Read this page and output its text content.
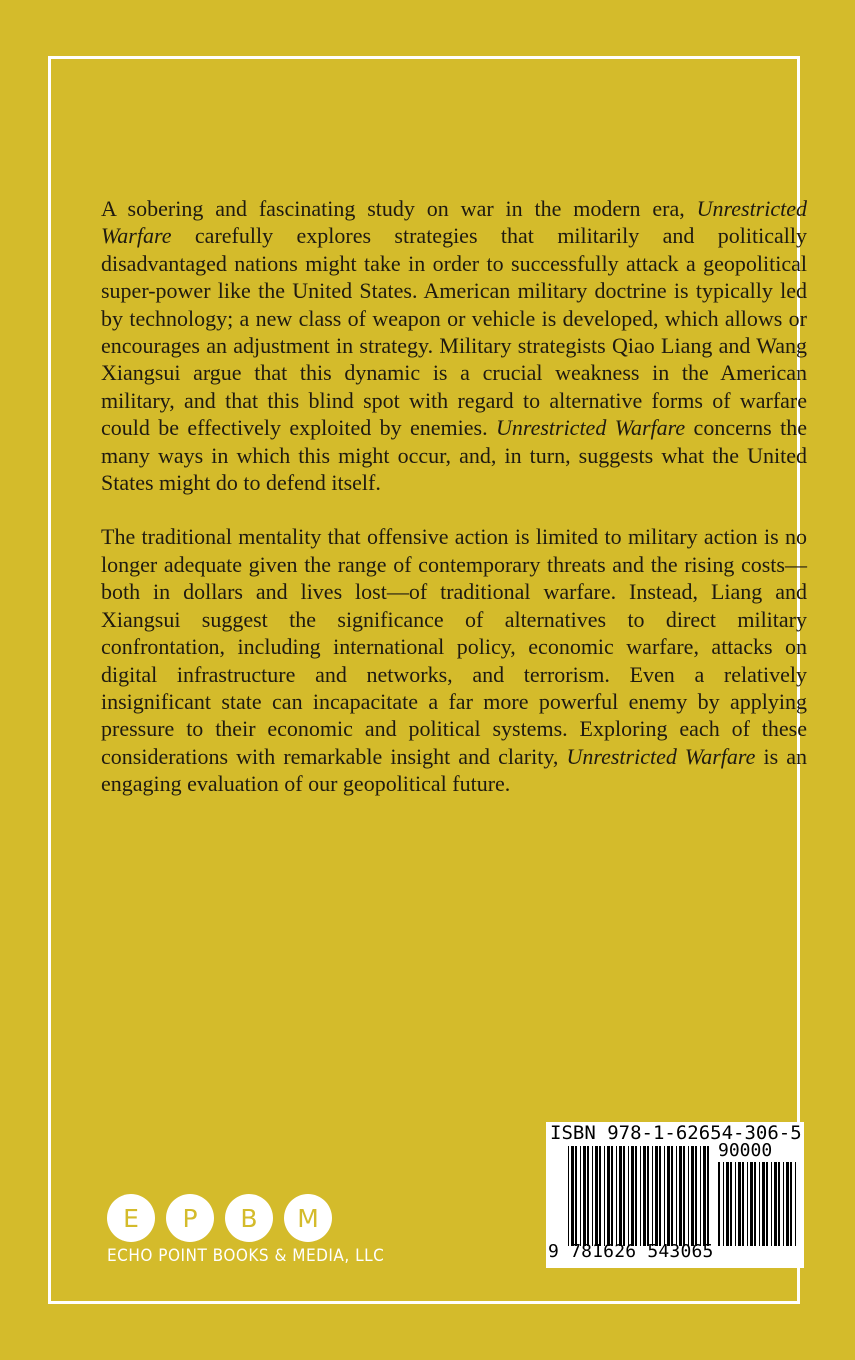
A sobering and fascinating study on war in the modern era, Unrestricted Warfare carefully explores strategies that militarily and politically disadvantaged nations might take in order to successfully attack a geopolitical super-power like the United States. American military doctrine is typically led by technology; a new class of weapon or vehicle is developed, which allows or encourages an adjustment in strategy. Military strategists Qiao Liang and Wang Xiangsui argue that this dynamic is a crucial weakness in the American military, and that this blind spot with regard to alternative forms of warfare could be effectively exploited by enemies. Unrestricted Warfare concerns the many ways in which this might occur, and, in turn, suggests what the United States might do to defend itself.

The traditional mentality that offensive action is limited to military action is no longer adequate given the range of contemporary threats and the rising costs—both in dollars and lives lost—of traditional warfare. Instead, Liang and Xiangsui suggest the significance of alternatives to direct military confrontation, including international policy, economic warfare, attacks on digital infrastructure and networks, and terrorism. Even a relatively insignificant state can incapacitate a far more powerful enemy by applying pressure to their economic and political systems. Exploring each of these considerations with remarkable insight and clarity, Unrestricted Warfare is an engaging evaluation of our geopolitical future.

E	P	B	M
ECHO POINT BOOKS & MEDIA, LLC
ISBN 978-1-62654-306-5
90000
9 781626 543065
